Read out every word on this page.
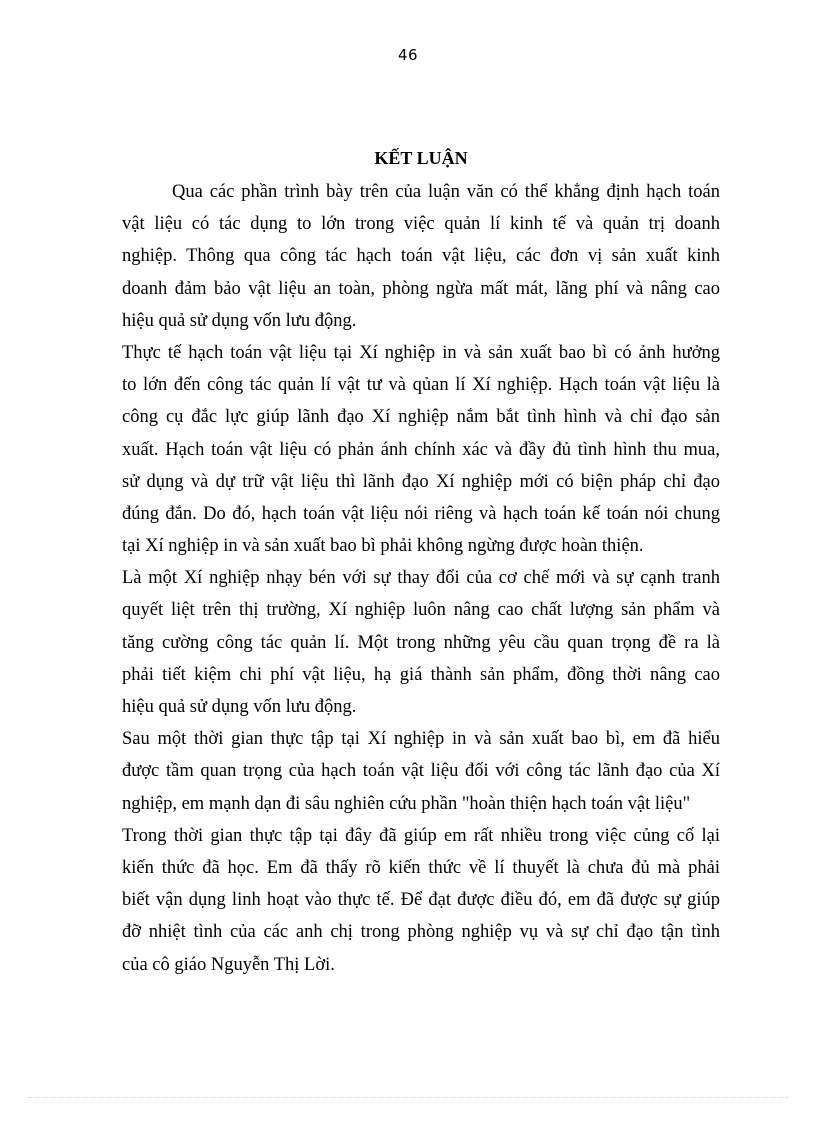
46
KẾT LUẬN
Qua các phần trình bày trên của luận văn có thể khẳng định hạch toán
vật liệu có tác dụng to lớn trong việc quản lí kinh tế và quản trị doanh
nghiệp. Thông qua công tác hạch toán vật liệu, các đơn vị sản xuất kinh
doanh đảm bảo vật liệu an toàn, phòng ngừa mất mát, lãng phí và nâng cao
hiệu quả sử dụng vốn lưu động.
Thực tế hạch toán vật liệu tại Xí nghiệp in và sản xuất bao bì có ảnh hưởng
to lớn đến công tác quản lí vật tư và qủan lí Xí nghiệp. Hạch toán vật liệu là
công cụ đắc lực giúp lãnh đạo Xí nghiệp nắm bắt tình hình và chỉ đạo sản
xuất. Hạch toán vật liệu có phản ánh chính xác và đầy đủ tình hình thu mua,
sử dụng và dự trữ vật liệu thì lãnh đạo Xí nghiệp mới có biện pháp chỉ đạo
đúng đắn. Do đó, hạch toán vật liệu nói riêng và hạch toán kế toán nói chung
tại Xí nghiệp in và sản xuất bao bì phải không ngừng được hoàn thiện.
Là một Xí nghiệp nhạy bén với sự thay đổi của cơ chế mới và sự cạnh tranh
quyết liệt trên thị trường, Xí nghiệp luôn nâng cao chất lượng sản phẩm và
tăng cường công tác quản lí. Một trong những yêu cầu quan trọng đề ra là
phải tiết kiệm chi phí vật liệu, hạ giá thành sản phẩm, đồng thời nâng cao
hiệu quả sử dụng vốn lưu động.
Sau một thời gian thực tập tại Xí nghiệp in và sản xuất bao bì, em đã hiểu
được tầm quan trọng của hạch toán vật liệu đối với công tác lãnh đạo của Xí
nghiệp, em mạnh dạn đi sâu nghiên cứu phần "hoàn thiện hạch toán vật liệu"
Trong thời gian thực tập tại đây đã giúp em rất nhiều trong việc củng cố lại
kiến thức đã học. Em đã thấy rõ kiến thức về lí thuyết là chưa đủ mà phải
biết vận dụng linh hoạt vào thực tế. Để đạt được điều đó, em đã được sự giúp
đỡ nhiệt tình của các anh chị trong phòng nghiệp vụ và sự chỉ đạo tận tình
của cô giáo Nguyễn Thị Lời.
